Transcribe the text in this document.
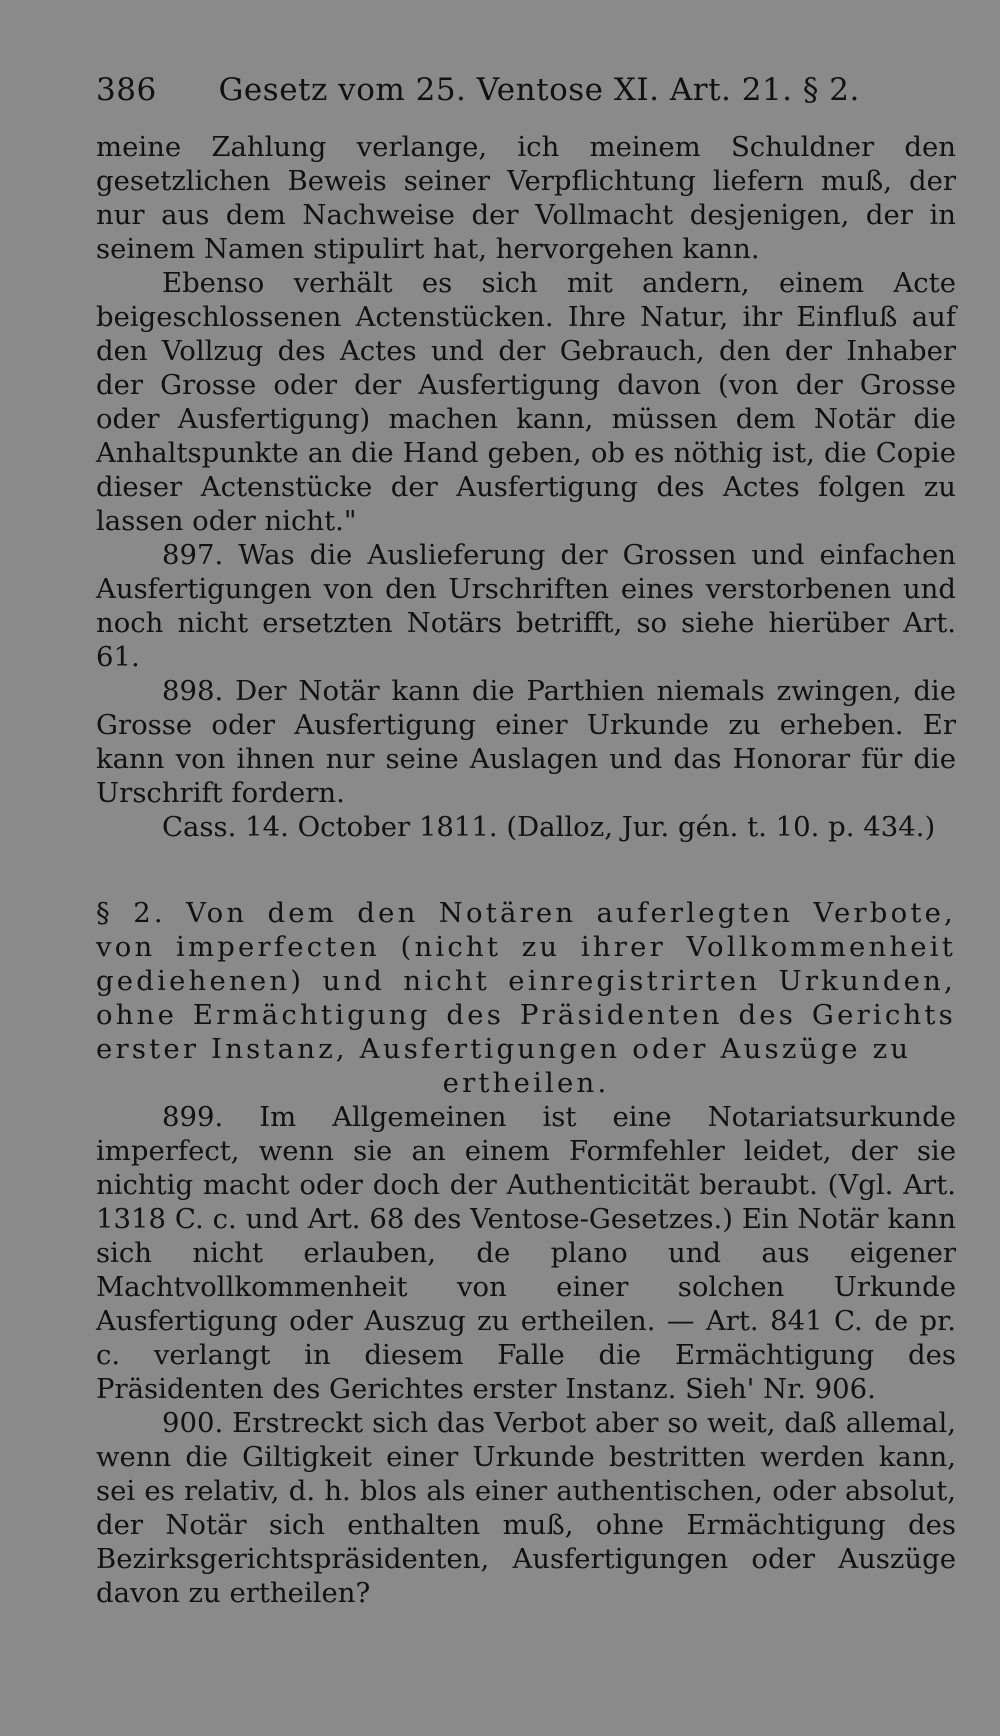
386 Gesetz vom 25. Ventose XI. Art. 21. § 2.

meine Zahlung verlange, ich meinem Schuldner den gesetzlichen Beweis seiner Verpflichtung liefern muß, der nur aus dem Nachweise der Vollmacht desjenigen, der in seinem Namen stipulirt hat, hervorgehen kann.

Ebenso verhält es sich mit andern, einem Acte beigeschlossenen Actenstücken. Ihre Natur, ihr Einfluß auf den Vollzug des Actes und der Gebrauch, den der Inhaber der Grosse oder der Ausfertigung davon (von der Grosse oder Ausfertigung) machen kann, müssen dem Notär die Anhaltspunkte an die Hand geben, ob es nöthig ist, die Copie dieser Actenstücke der Ausfertigung des Actes folgen zu lassen oder nicht."

897. Was die Auslieferung der Grossen und einfachen Ausfertigungen von den Urschriften eines verstorbenen und noch nicht ersetzten Notärs betrifft, so siehe hierüber Art. 61.

898. Der Notär kann die Parthien niemals zwingen, die Grosse oder Ausfertigung einer Urkunde zu erheben. Er kann von ihnen nur seine Auslagen und das Honorar für die Urschrift fordern.

Cass. 14. October 1811. (Dalloz, Jur. gén. t. 10. p. 434.)

§ 2. Von dem den Notären auferlegten Verbote, von imperfecten (nicht zu ihrer Vollkommenheit gediehenen) und nicht einregistrirten Urkunden, ohne Ermächtigung des Präsidenten des Gerichts erster Instanz, Ausfertigungen oder Auszüge zu
ertheilen.

899. Im Allgemeinen ist eine Notariatsurkunde imperfect, wenn sie an einem Formfehler leidet, der sie nichtig macht oder doch der Authenticität beraubt. (Vgl. Art. 1318 C. c. und Art. 68 des Ventose-Gesetzes.) Ein Notär kann sich nicht erlauben, de plano und aus eigener Machtvollkommenheit von einer solchen Urkunde Ausfertigung oder Auszug zu ertheilen. — Art. 841 C. de pr. c. verlangt in diesem Falle die Ermächtigung des Präsidenten des Gerichtes erster Instanz. Sieh' Nr. 906.

900. Erstreckt sich das Verbot aber so weit, daß allemal, wenn die Giltigkeit einer Urkunde bestritten werden kann, sei es relativ, d. h. blos als einer authentischen, oder absolut, der Notär sich enthalten muß, ohne Ermächtigung des Bezirksgerichtspräsidenten, Ausfertigungen oder Auszüge davon zu ertheilen?
